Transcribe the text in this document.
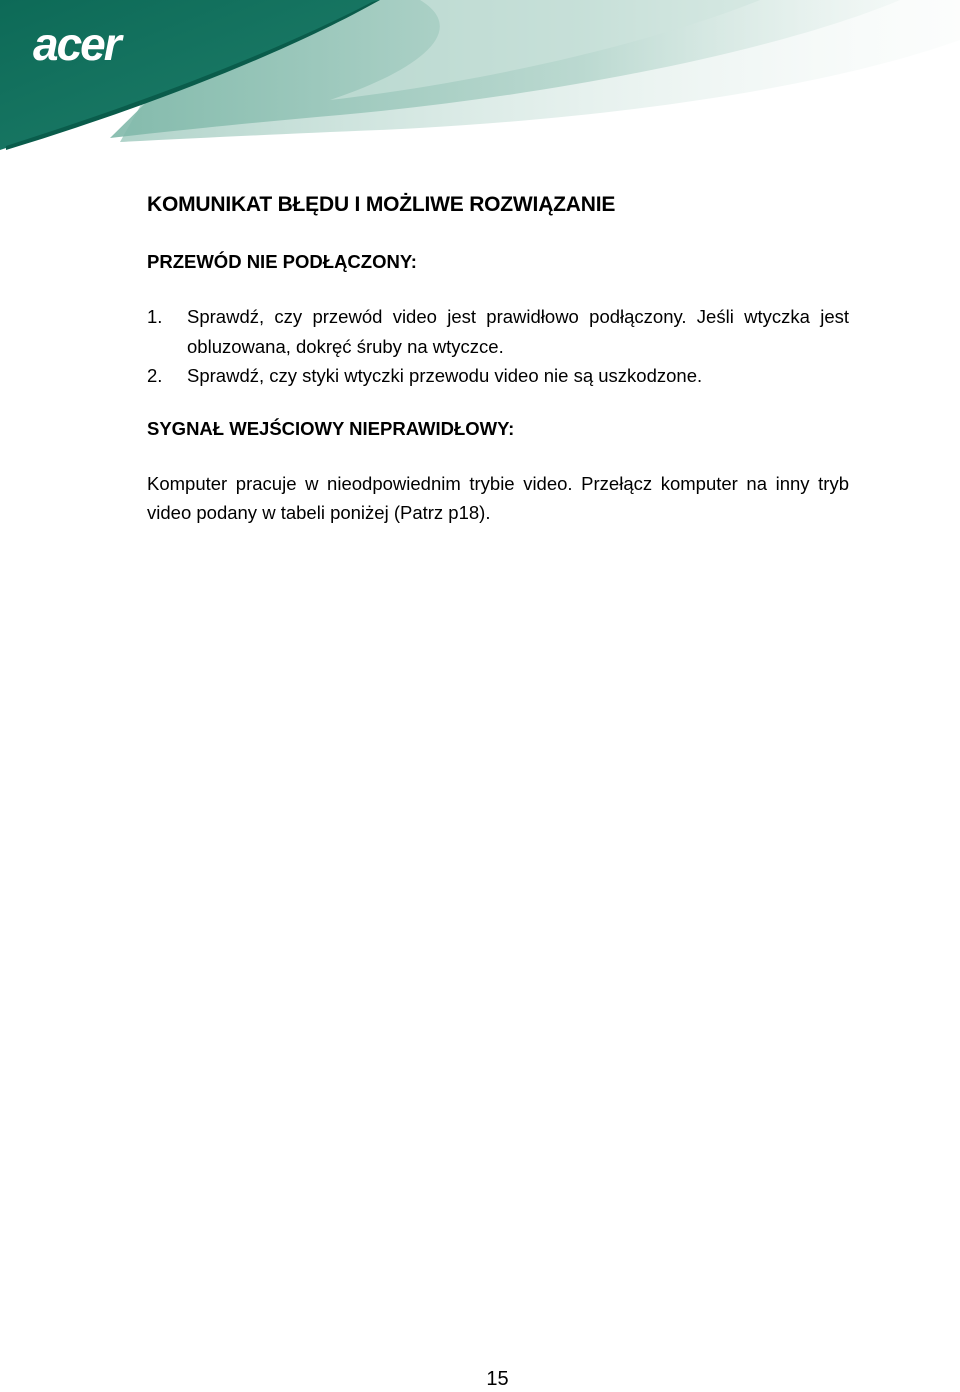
acer
KOMUNIKAT BŁĘDU I MOŻLIWE ROZWIĄZANIE
PRZEWÓD NIE PODŁĄCZONY:
1.	Sprawdź, czy przewód video jest prawidłowo podłączony. Jeśli wtyczka jest obluzowana, dokręć śruby na wtyczce.
2.	Sprawdź, czy styki wtyczki przewodu video nie są uszkodzone.
SYGNAŁ WEJŚCIOWY NIEPRAWIDŁOWY:

Komputer pracuje w nieodpowiednim trybie video. Przełącz komputer na inny tryb video podany w tabeli poniżej (Patrz p18).

15
